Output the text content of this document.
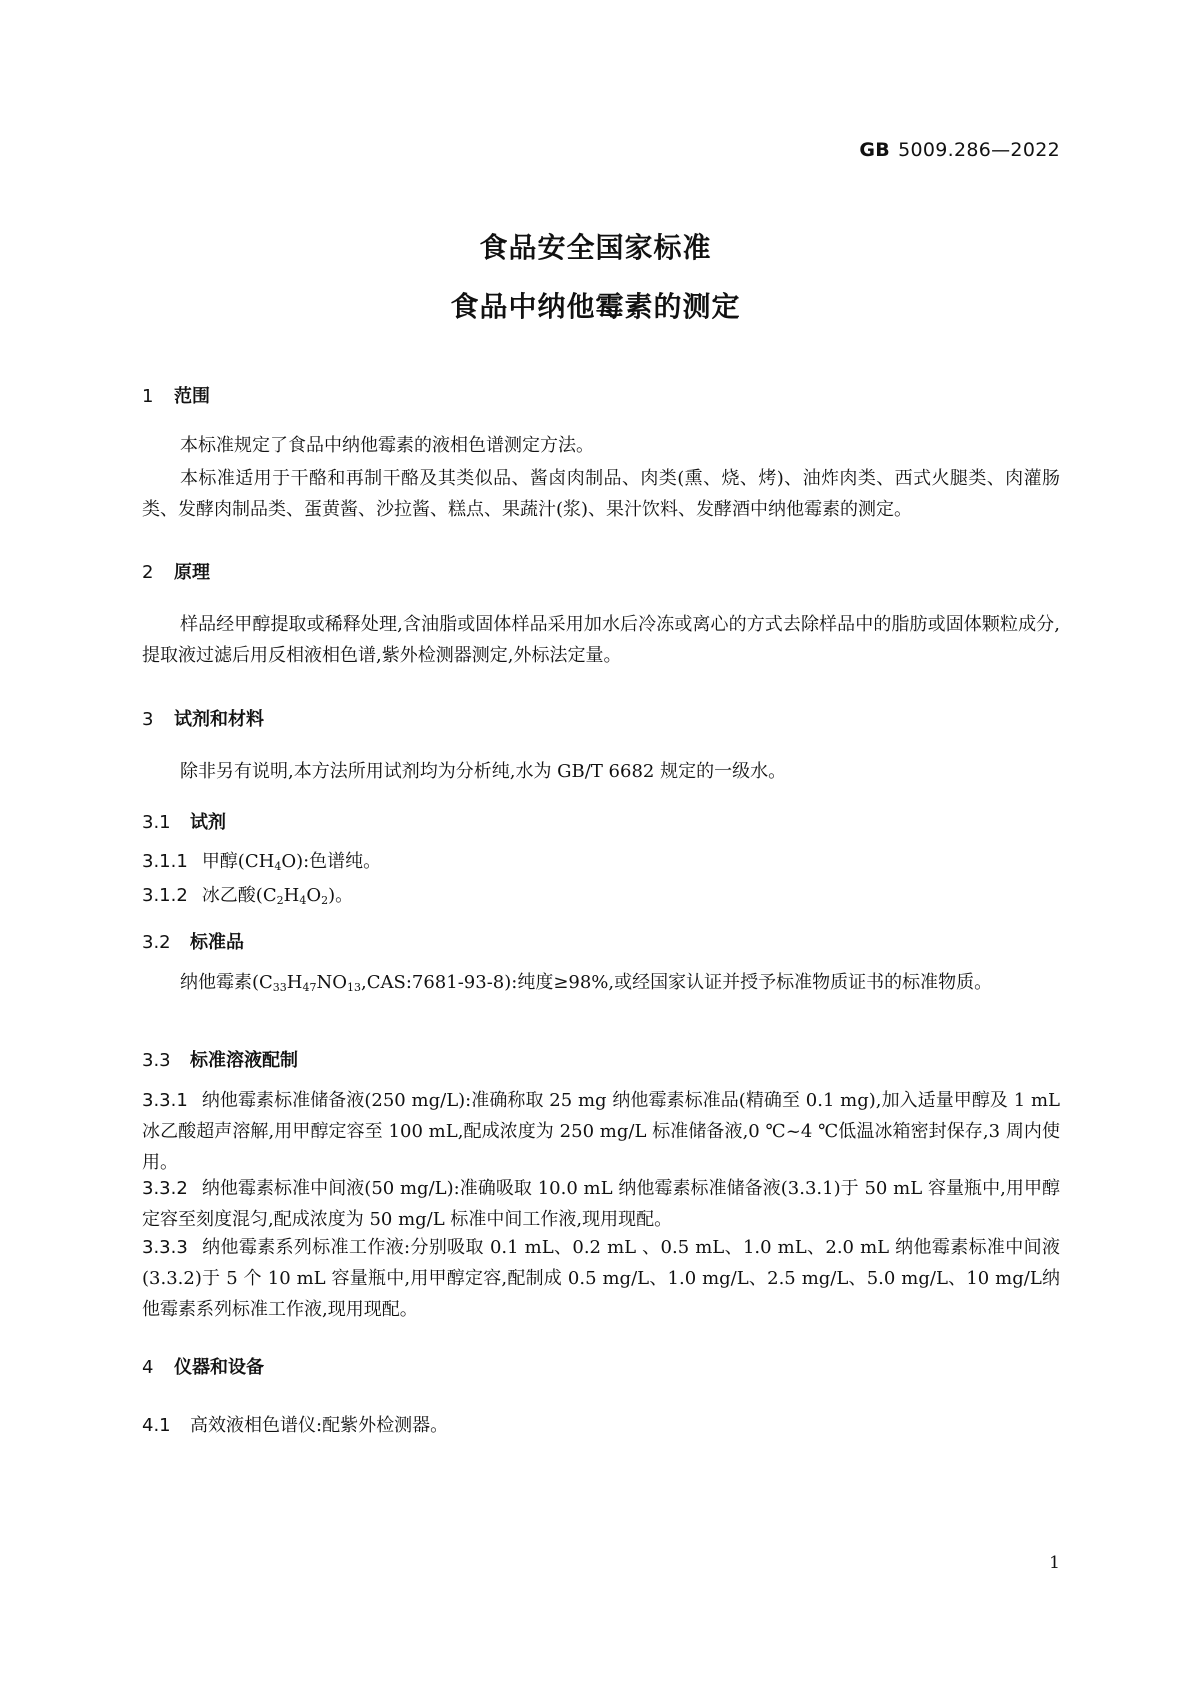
GB 5009.286—2022
食品安全国家标准
食品中纳他霉素的测定
1 范围
本标准规定了食品中纳他霉素的液相色谱测定方法。
本标准适用于干酪和再制干酪及其类似品、酱卤肉制品、肉类(熏、烧、烤)、油炸肉类、西式火腿类、肉灌肠类、发酵肉制品类、蛋黄酱、沙拉酱、糕点、果蔬汁(浆)、果汁饮料、发酵酒中纳他霉素的测定。
2 原理
样品经甲醇提取或稀释处理,含油脂或固体样品采用加水后冷冻或离心的方式去除样品中的脂肪或固体颗粒成分,提取液过滤后用反相液相色谱,紫外检测器测定,外标法定量。
3 试剂和材料
除非另有说明,本方法所用试剂均为分析纯,水为 GB/T 6682 规定的一级水。
3.1 试剂
3.1.1 甲醇$(CH_4O)$:色谱纯。
3.1.2 冰乙酸$(C_2H_4O_2)$。
3.2 标准品
纳他霉素$(C_{33}H_{47}NO_{13},CAS:7681-93-8)$:纯度≥98%,或经国家认证并授予标准物质证书的标准物质。
3.3 标准溶液配制
3.3.1 纳他霉素标准储备液(250 mg/L):准确称取 25 mg 纳他霉素标准品(精确至 0.1 mg),加入适量甲醇及 1 mL 冰乙酸超声溶解,用甲醇定容至 100 mL,配成浓度为 250 mg/L 标准储备液,0 ℃~4 ℃低温冰箱密封保存,3 周内使用。
3.3.2 纳他霉素标准中间液(50 mg/L):准确吸取 10.0 mL 纳他霉素标准储备液(3.3.1)于 50 mL 容量瓶中,用甲醇定容至刻度混匀,配成浓度为 50 mg/L 标准中间工作液,现用现配。
3.3.3 纳他霉素系列标准工作液:分别吸取 0.1 mL、0.2 mL 、0.5 mL、1.0 mL、2.0 mL 纳他霉素标准中间液(3.3.2)于 5 个 10 mL 容量瓶中,用甲醇定容,配制成 0.5 mg/L、1.0 mg/L、2.5 mg/L、5.0 mg/L、10 mg/L纳他霉素系列标准工作液,现用现配。
4 仪器和设备
4.1 高效液相色谱仪:配紫外检测器。
1
